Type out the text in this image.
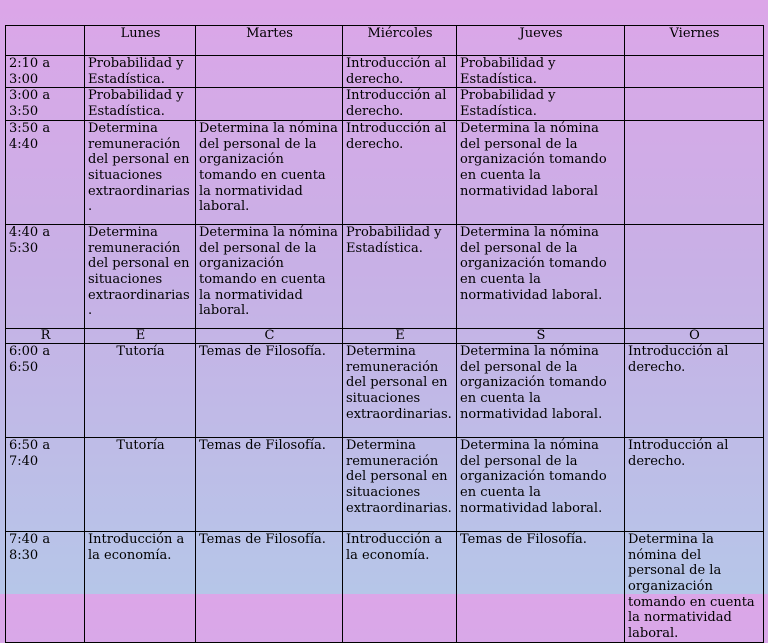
	Lunes	Martes	Miércoles	Jueves	Viernes
2:10 a 3:00	Probabilidad y Estadística.		Introducción al derecho.	Probabilidad y Estadística.	
3:00 a 3:50	Probabilidad y Estadística.		Introducción al derecho.	Probabilidad y Estadística.	
3:50 a 4:40	Determina remuneración del personal en situaciones extraordinarias.	Determina la nómina del personal de la organización tomando en cuenta la normatividad laboral.	Introducción al derecho.	Determina la nómina del personal de la organización tomando en cuenta la normatividad laboral	
4:40 a 5:30	Determina remuneración del personal en situaciones extraordinarias.	Determina la nómina del personal de la organización tomando en cuenta la normatividad laboral.	Probabilidad y Estadística.	Determina la nómina del personal de la organización tomando en cuenta la normatividad laboral.	
R	E	C	E	S	O
6:00 a 6:50	Tutoría	Temas de Filosofía.	Determina remuneración del personal en situaciones extraordinarias.	Determina la nómina del personal de la organización tomando en cuenta la normatividad laboral.	Introducción al derecho.
6:50 a 7:40	Tutoría	Temas de Filosofía.	Determina remuneración del personal en situaciones extraordinarias.	Determina la nómina del personal de la organización tomando en cuenta la normatividad laboral.	Introducción al derecho.
7:40 a 8:30	Introducción a la economía.	Temas de Filosofía.	Introducción a la economía.	Temas de Filosofía.	Determina la nómina del personal de la organización tomando en cuenta la normatividad laboral.
